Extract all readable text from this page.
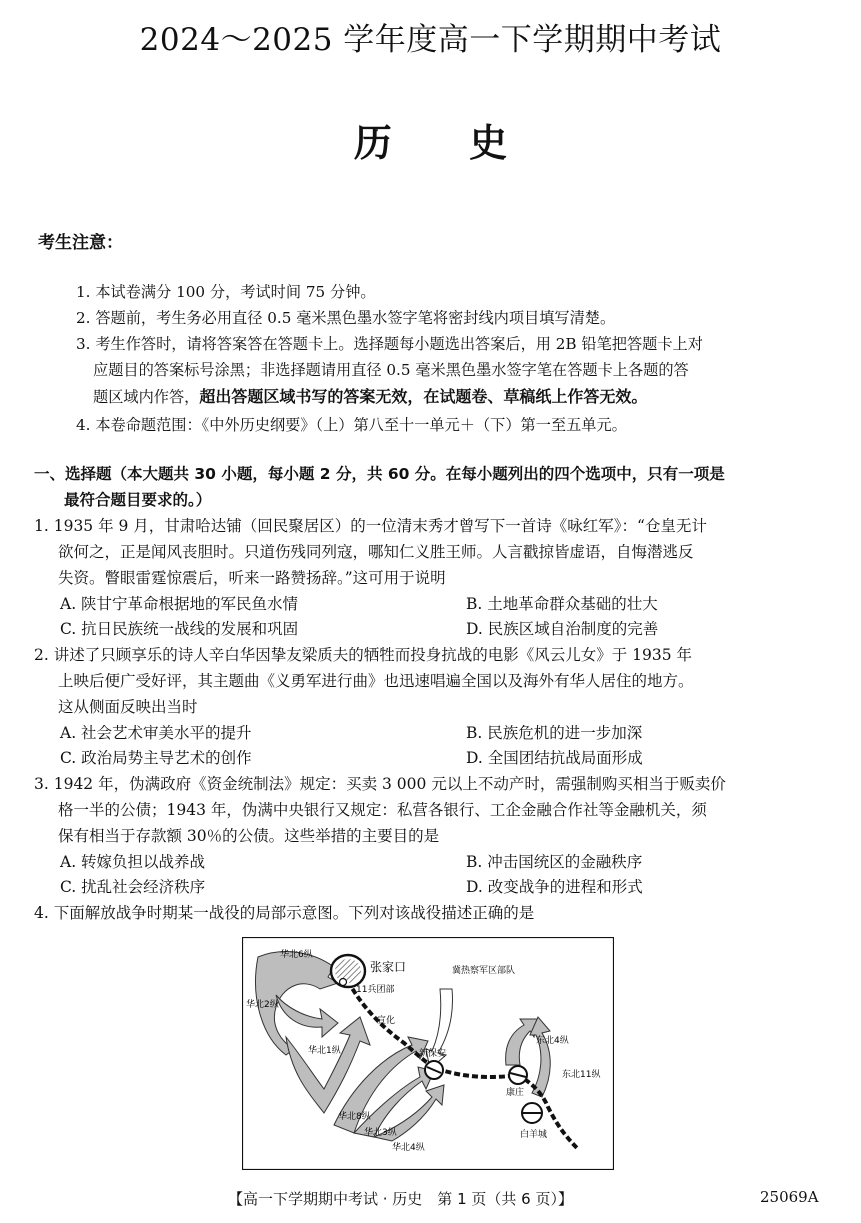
2024～2025 学年度高一下学期期中考试
历 史
考生注意：
1. 本试卷满分 100 分，考试时间 75 分钟。
2. 答题前，考生务必用直径 0.5 毫米黑色墨水签字笔将密封线内项目填写清楚。
3. 考生作答时，请将答案答在答题卡上。选择题每小题选出答案后，用 2B 铅笔把答题卡上对
应题目的答案标号涂黑；非选择题请用直径 0.5 毫米黑色墨水签字笔在答题卡上各题的答
题区域内作答，超出答题区域书写的答案无效，在试题卷、草稿纸上作答无效。
4. 本卷命题范围：《中外历史纲要》（上）第八至十一单元＋（下）第一至五单元。
一、选择题（本大题共 30 小题，每小题 2 分，共 60 分。在每小题列出的四个选项中，只有一项是
最符合题目要求的。）
1. 1935 年 9 月，甘肃哈达铺（回民聚居区）的一位清末秀才曾写下一首诗《咏红军》：“仓皇无计
欲何之，正是闻风丧胆时。只道伤残同列寇，哪知仁义胜王师。人言戳掠皆虚语，自悔潜逃反
失资。瞥眼雷霆惊震后，听来一路赞扬辞。”这可用于说明
A. 陕甘宁革命根据地的军民鱼水情	B. 土地革命群众基础的壮大
C. 抗日民族统一战线的发展和巩固	D. 民族区域自治制度的完善
2. 讲述了只顾享乐的诗人辛白华因挚友梁质夫的牺牲而投身抗战的电影《风云儿女》于 1935 年
上映后便广受好评，其主题曲《义勇军进行曲》也迅速唱遍全国以及海外有华人居住的地方。
这从侧面反映出当时
A. 社会艺术审美水平的提升	B. 民族危机的进一步加深
C. 政治局势主导艺术的创作	D. 全国团结抗战局面形成
3. 1942 年，伪满政府《资金统制法》规定：买卖 3 000 元以上不动产时，需强制购买相当于贩卖价
格一半的公债；1943 年，伪满中央银行又规定：私营各银行、工企金融合作社等金融机关，须
保有相当于存款额 30％的公债。这些举措的主要目的是
A. 转嫁负担以战养战	B. 冲击国统区的金融秩序
C. 扰乱社会经济秩序	D. 改变战争的进程和形式
4. 下面解放战争时期某一战役的局部示意图。下列对该战役描述正确的是
华北6纵
华北2纵
华北1纵
华北8纵
华北3纵
华北4纵
东北4纵
东北11纵
张家口
11兵团部
宣化
新保安
康庄
白羊城
冀热察军区部队
【高一下学期期中考试 · 历史　第 1 页（共 6 页）】	25069A
